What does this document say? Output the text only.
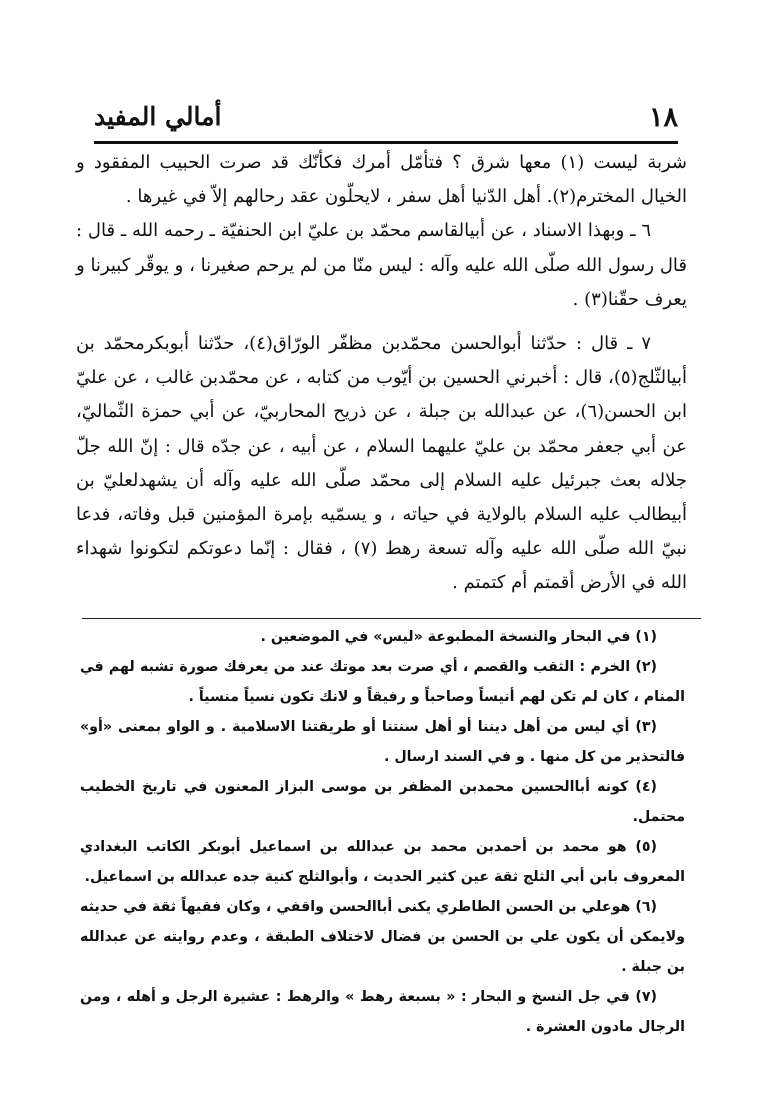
١٨
أمالي المفيد

شربة ليست (١) معها شرق ؟ فتأمّل أمرك فكأنّك قد صرت الحبيب المفقود و الخيال المخترم(٢). أهل الدّنيا أهل سفر ، لايحلّون عقد رحالهم إلاّ في غيرها .

٦ ـ وبهذا الاسناد ، عن أبيالقاسم محمّد بن عليّ ابن الحنفيّة ـ رحمه الله ـ قال : قال رسول الله صلّى الله عليه وآله : ليس منّا من لم يرحم صغيرنا ، و يوقّر كبيرنا و يعرف حقّنا(٣) .

٧ ـ قال : حدّثنا أبوالحسن محمّدبن مظفّر الورّاق(٤)، حدّثنا أبوبكرمحمّد بن أبيالثّلج(٥)، قال : أخبرني الحسين بن أيّوب من كتابه ، عن محمّدبن غالب ، عن عليّ ابن الحسن(٦)، عن عبدالله بن جبلة ، عن ذريح المحاربيّ، عن أبي حمزة الثّماليّ، عن أبي جعفر محمّد بن عليّ عليهما السلام ، عن أبيه ، عن جدّه قال : إنّ الله جلّ جلاله بعث جبرئيل عليه السلام إلى محمّد صلّى الله عليه وآله أن يشهدلعليّ بن أبيطالب عليه السلام بالولاية في حياته ، و يسمّيه بإمرة المؤمنين قبل وفاته، فدعا نبيّ الله صلّى الله عليه وآله تسعة رهط (٧) ، فقال : إنّما دعوتكم لتكونوا شهداء الله في الأرض أقمتم أم كتمتم .

(١) في البحار والنسخة المطبوعة «ليس» في الموضعين .

(٢) الخرم : الثقب والقصم ، أي صرت بعد موتك عند من يعرفك صورة تشبه لهم في المنام ، كان لم تكن لهم أنيساً وصاحباً و رفيقاً و لانك تكون نسياً منسياً .

(٣) أي ليس من أهل ديننا أو أهل سنتنا أو طريقتنا الاسلامية . و الواو بمعنى «أو» فالتحذير من كل منها . و في السند ارسال .

(٤) كونه أباالحسين محمدبن المظفر بن موسى البزاز المعنون في تاريخ الخطيب محتمل.

(٥) هو محمد بن أحمدبن محمد بن عبدالله بن اسماعيل أبوبكر الكاتب البغدادي المعروف بابن أبي الثلج ثقة عين كثير الحديث ، وأبوالثلج كنية جده عبدالله بن اسماعيل.

(٦) هوعلي بن الحسن الطاطري يكنى أباالحسن واقفي ، وكان فقيهاً ثقة في حديثه ولايمكن أن يكون علي بن الحسن بن فضال لاختلاف الطبقة ، وعدم روايته عن عبدالله بن جبلة .

(٧) في جل النسخ و البحار : « بسبعة رهط » والرهط : عشيرة الرجل و أهله ، ومن الرجال مادون العشرة .
